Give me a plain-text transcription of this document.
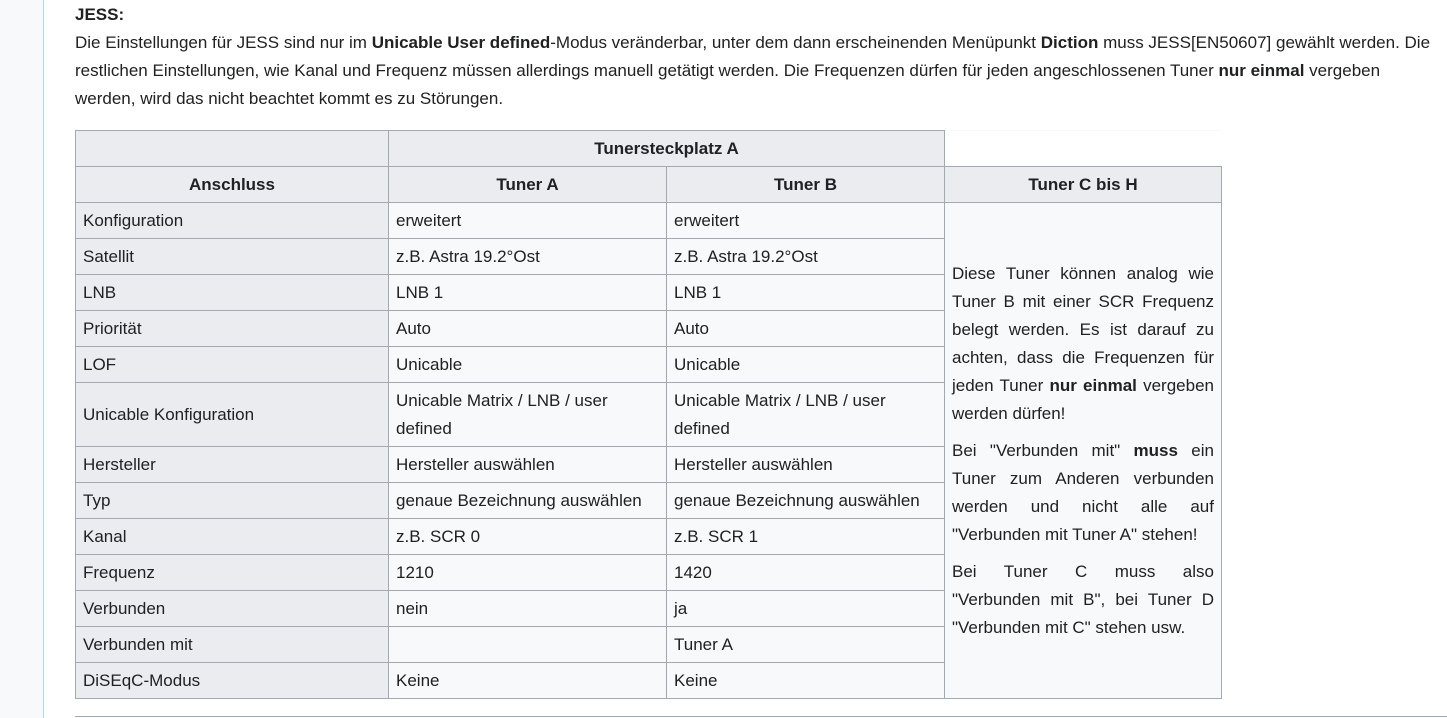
JESS:

Die Einstellungen für JESS sind nur im Unicable User defined-Modus veränderbar, unter dem dann erscheinenden Menüpunkt Diction muss JESS[EN50607] gewählt werden. Die restlichen Einstellungen, wie Kanal und Frequenz müssen allerdings manuell getätigt werden. Die Frequenzen dürfen für jeden angeschlossenen Tuner nur einmal vergeben werden, wird das nicht beachtet kommt es zu Störungen.

	Tunersteckplatz A		
Anschluss	Tuner A	Tuner B	Tuner C bis H
Konfiguration	erweitert	erweitert	Diese Tuner können analog wie Tuner B mit einer SCR Frequenz belegt werden. Es ist darauf zu achten, dass die Frequenzen für jeden Tuner nur einmal vergeben werden dürfen!

Bei "Verbunden mit" muss ein Tuner zum Anderen verbunden werden und nicht alle auf "Verbunden mit Tuner A" stehen!

Bei Tuner C muss also "Verbunden mit B", bei Tuner D "Verbunden mit C" stehen usw.

Satellit	z.B. Astra 19.2°Ost	z.B. Astra 19.2°Ost	
LNB	LNB 1	LNB 1	
Priorität	Auto	Auto	
LOF	Unicable	Unicable	
Unicable Konfiguration	Unicable Matrix / LNB / user defined	Unicable Matrix / LNB / user defined	
Hersteller	Hersteller auswählen	Hersteller auswählen	
Typ	genaue Bezeichnung auswählen	genaue Bezeichnung auswählen	
Kanal	z.B. SCR 0	z.B. SCR 1	
Frequenz	1210	1420	
Verbunden	nein	ja	
Verbunden mit		Tuner A	
DiSEqC-Modus	Keine	Keine	
